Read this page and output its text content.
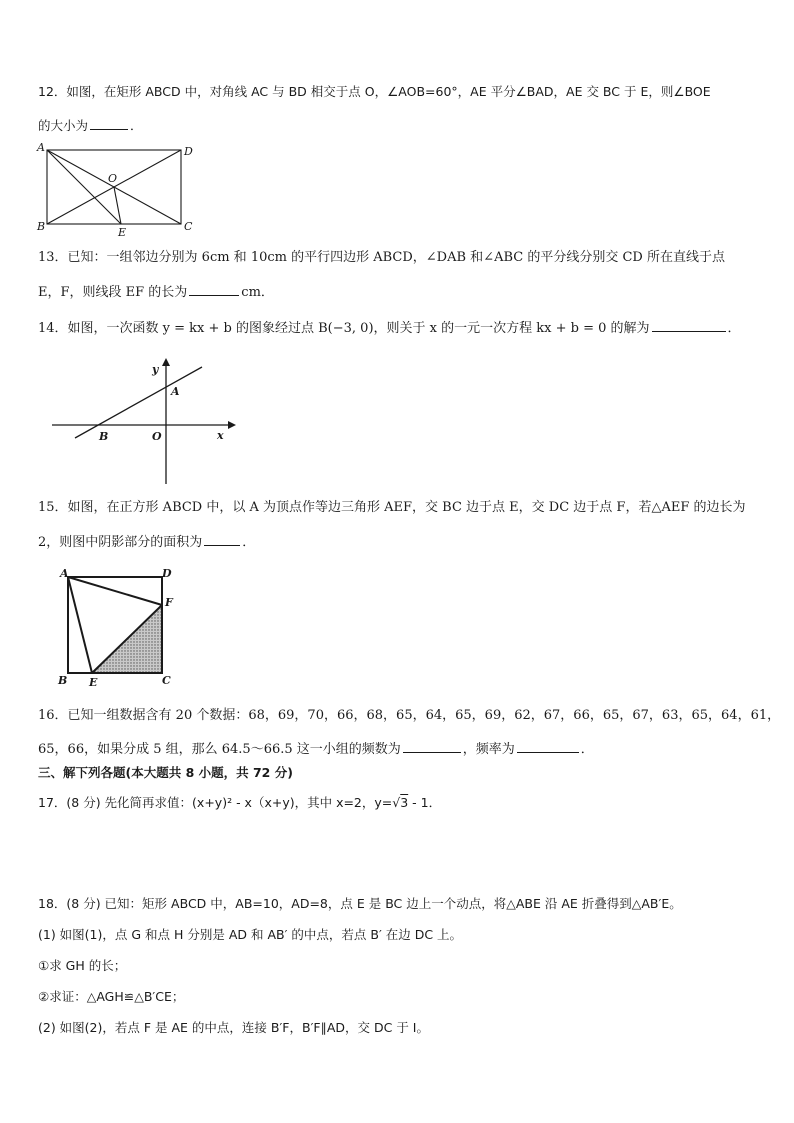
12．如图，在矩形 ABCD 中，对角线 AC 与 BD 相交于点 O，∠AOB=60°，AE 平分∠BAD，AE 交 BC 于 E，则∠BOE
的大小为	．
A
B	C
D
O
E
13．已知：一组邻边分别为 6cm 和 10cm 的平行四边形 ABCD，∠DAB 和∠ABC 的平分线分别交 CD 所在直线于点
E，F，则线段 EF 的长为	cm．
14．如图，一次函数 y = kx + b 的图象经过点 B(−3, 0)，则关于 x 的一元一次方程 kx + b = 0 的解为	．
y
A
B	O	x
15．如图，在正方形 ABCD 中，以 A 为顶点作等边三角形 AEF，交 BC 边于点 E，交 DC 边于点 F，若△AEF 的边长为
2，则图中阴影部分的面积为	．
A
B	C
D
E
F
16．已知一组数据含有 20 个数据：68，69，70，66，68，65，64，65，69，62，67，66，65，67，63，65，64，61，
65，66，如果分成 5 组，那么 64.5～66.5 这一小组的频数为	，频率为	．
三、解下列各题(本大题共 8 小题，共 72 分)
17．(8 分) 先化简再求值：(x+y)² - x（x+y)，其中 x=2，y=√3 - 1．
18．(8 分) 已知：矩形 ABCD 中，AB=10，AD=8，点 E 是 BC 边上一个动点，将△ABE 沿 AE 折叠得到△AB′E。
(1) 如图(1)，点 G 和点 H 分别是 AD 和 AB′ 的中点，若点 B′ 在边 DC 上。
①求 GH 的长；
②求证：△AGH≌△B′CE；
(2) 如图(2)，若点 F 是 AE 的中点，连接 B′F，B′F∥AD，交 DC 于 I。
